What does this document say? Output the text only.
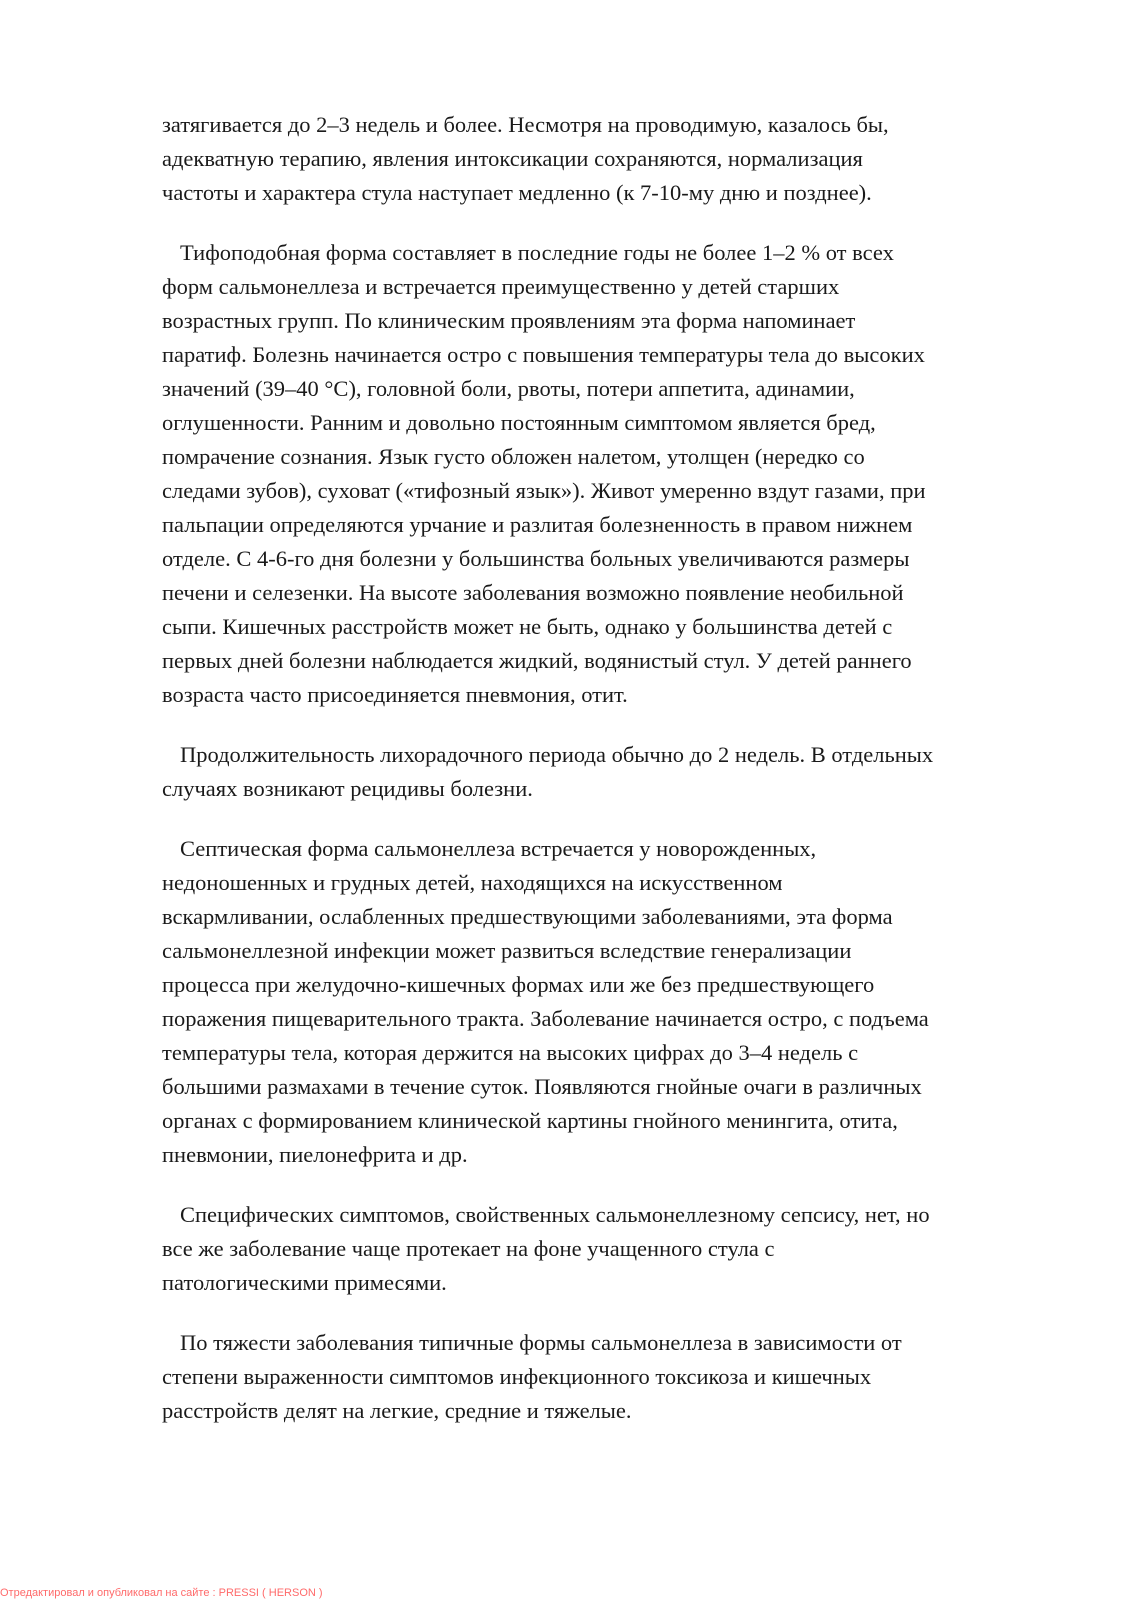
затягивается до 2–3 недель и более. Несмотря на проводимую, казалось бы,
адекватную терапию, явления интоксикации сохраняются, нормализация
частоты и характера стула наступает медленно (к 7-10-му дню и позднее).

Тифоподобная форма составляет в последние годы не более 1–2 % от всех
форм сальмонеллеза и встречается преимущественно у детей старших
возрастных групп. По клиническим проявлениям эта форма напоминает
паратиф. Болезнь начинается остро с повышения температуры тела до высоких
значений (39–40 °С), головной боли, рвоты, потери аппетита, адинамии,
оглушенности. Ранним и довольно постоянным симптомом является бред,
помрачение сознания. Язык густо обложен налетом, утолщен (нередко со
следами зубов), суховат («тифозный язык»). Живот умеренно вздут газами, при
пальпации определяются урчание и разлитая болезненность в правом нижнем
отделе. С 4-6-го дня болезни у большинства больных увеличиваются размеры
печени и селезенки. На высоте заболевания возможно появление необильной
сыпи. Кишечных расстройств может не быть, однако у большинства детей с
первых дней болезни наблюдается жидкий, водянистый стул. У детей раннего
возраста часто присоединяется пневмония, отит.

Продолжительность лихорадочного периода обычно до 2 недель. В отдельных
случаях возникают рецидивы болезни.

Септическая форма сальмонеллеза встречается у новорожденных,
недоношенных и грудных детей, находящихся на искусственном
вскармливании, ослабленных предшествующими заболеваниями, эта форма
сальмонеллезной инфекции может развиться вследствие генерализации
процесса при желудочно-кишечных формах или же без предшествующего
поражения пищеварительного тракта. Заболевание начинается остро, с подъема
температуры тела, которая держится на высоких цифрах до 3–4 недель с
большими размахами в течение суток. Появляются гнойные очаги в различных
органах с формированием клинической картины гнойного менингита, отита,
пневмонии, пиелонефрита и др.

Специфических симптомов, свойственных сальмонеллезному сепсису, нет, но
все же заболевание чаще протекает на фоне учащенного стула с
патологическими примесями.

По тяжести заболевания типичные формы сальмонеллеза в зависимости от
степени выраженности симптомов инфекционного токсикоза и кишечных
расстройств делят на легкие, средние и тяжелые.

Отредактировал и опубликовал на сайте : PRESSI ( HERSON )
